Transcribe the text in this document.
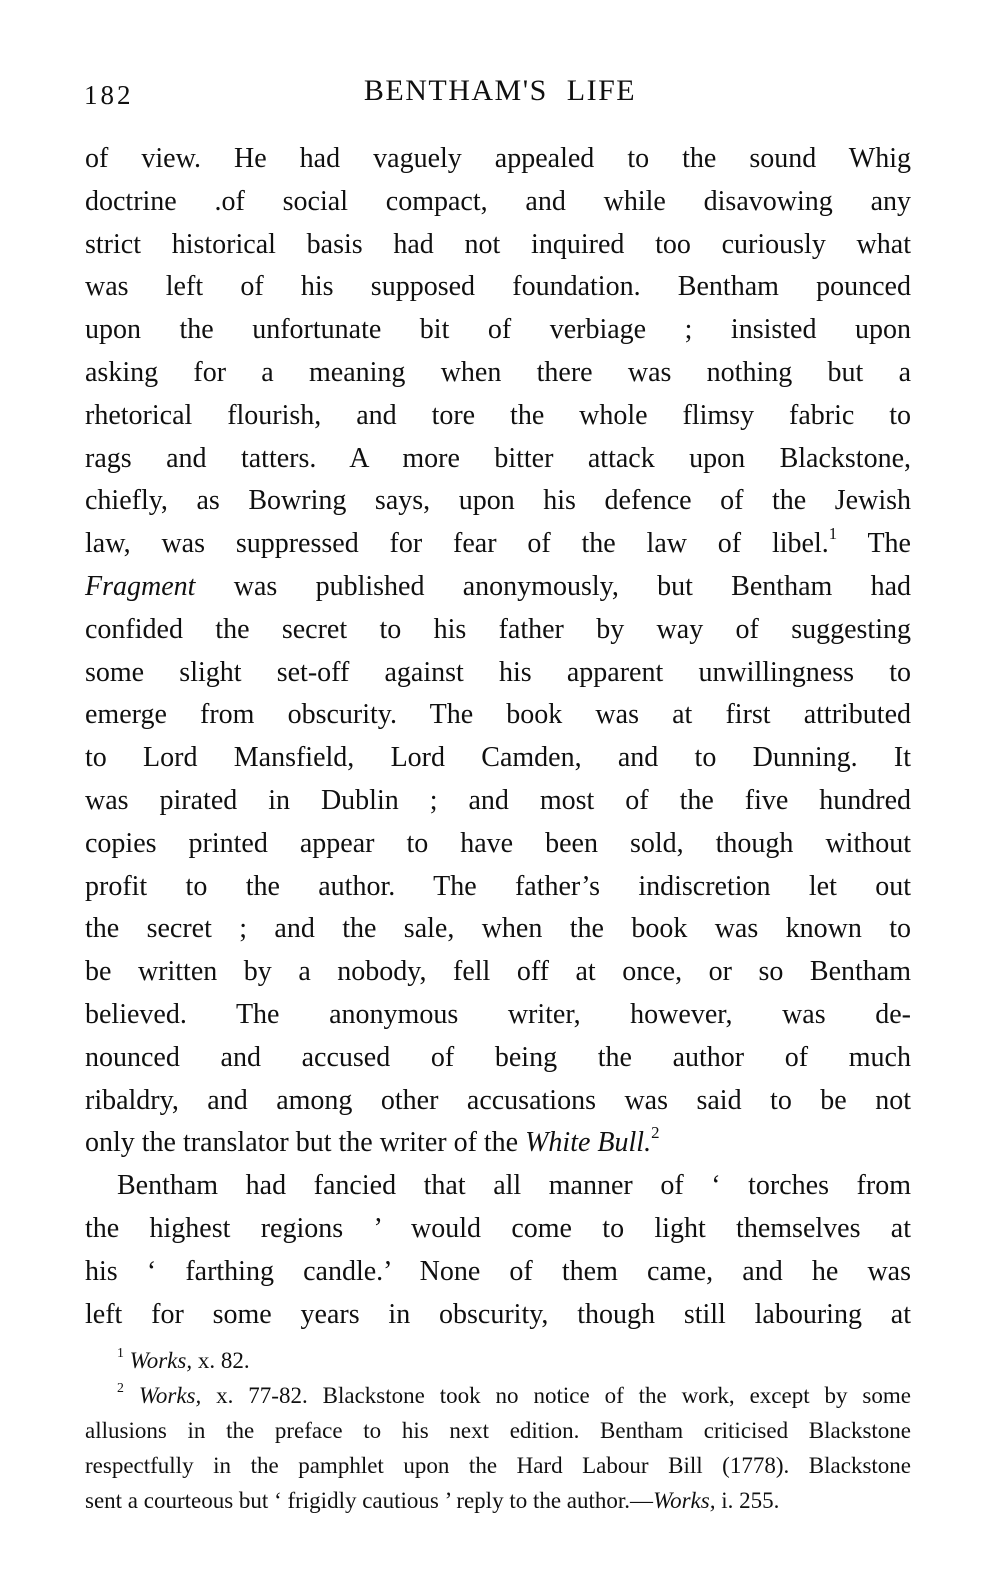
182	BENTHAM'S LIFE
of view. He had vaguely appealed to the sound Whig
doctrine .of social compact, and while disavowing any
strict historical basis had not inquired too curiously what
was left of his supposed foundation. Bentham pounced
upon the unfortunate bit of verbiage ; insisted upon
asking for a meaning when there was nothing but a
rhetorical flourish, and tore the whole flimsy fabric to
rags and tatters. A more bitter attack upon Blackstone,
chiefly, as Bowring says, upon his defence of the Jewish
law, was suppressed for fear of the law of libel.$^1$ The
Fragment was published anonymously, but Bentham had
confided the secret to his father by way of suggesting
some slight set-off against his apparent unwillingness to
emerge from obscurity. The book was at first attributed
to Lord Mansfield, Lord Camden, and to Dunning. It
was pirated in Dublin ; and most of the five hundred
copies printed appear to have been sold, though without
profit to the author. The father’s indiscretion let out
the secret ; and the sale, when the book was known to
be written by a nobody, fell off at once, or so Bentham
believed. The anonymous writer, however, was de-
nounced and accused of being the author of much
ribaldry, and among other accusations was said to be not
only the translator but the writer of the White Bull.$^2$
Bentham had fancied that all manner of ‘ torches from
the highest regions ’ would come to light themselves at
his ‘ farthing candle.’ None of them came, and he was
left for some years in obscurity, though still labouring at
$^1$ Works, x. 82.
$^2$ Works, x. 77-82. Blackstone took no notice of the work, except by some
allusions in the preface to his next edition. Bentham criticised Blackstone
respectfully in the pamphlet upon the Hard Labour Bill (1778). Blackstone
sent a courteous but ‘ frigidly cautious ’ reply to the author.—Works, i. 255.
